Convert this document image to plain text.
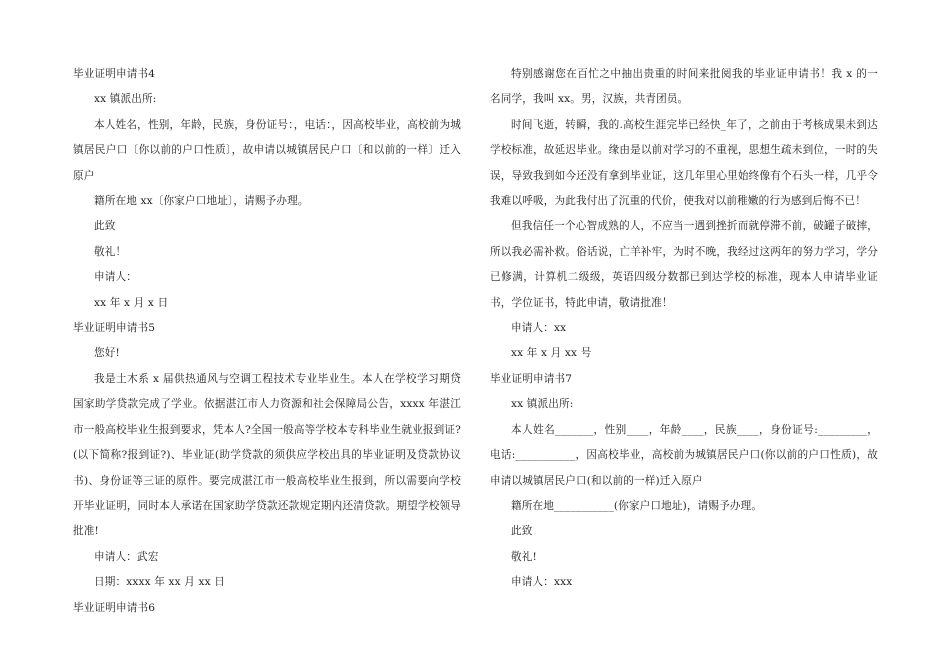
毕业证明申请书4

xx 镇派出所:

本人姓名，性别，年龄，民族，身份证号：，电话：，因高校毕业，高校前为城镇居民户口〔你以前的户口性质〕，故申请以城镇居民户口〔和以前的一样〕迁入原户

籍所在地 xx〔你家户口地址〕，请赐予办理。

此致

敬礼！

申请人：

xx 年 x 月 x 日

毕业证明申请书5

您好!

我是土木系 x 届供热通风与空调工程技术专业毕业生。本人在学校学习期贷国家助学贷款完成了学业。依据湛江市人力资源和社会保障局公告，xxxx 年湛江市一般高校毕业生报到要求，凭本人?全国一般高等学校本专科毕业生就业报到证?(以下简称?报到证?)、毕业证(助学贷款的须供应学校出具的毕业证明及贷款协议书)、身份证等三证的原件。要完成湛江市一般高校毕业生报到，所以需要向学校开毕业证明，同时本人承诺在国家助学贷款还款规定期内还清贷款。期望学校领导批准!

申请人：武宏

日期：xxxx 年 xx 月 xx 日

毕业证明申请书6

特别感谢您在百忙之中抽出贵重的时间来批阅我的毕业证申请书！我 x 的一名同学，我叫 xx。男，汉族，共青团员。

时间飞逝，转瞬，我的.高校生涯完毕已经快_年了，之前由于考核成果未到达学校标准，故延迟毕业。缘由是以前对学习的不重视，思想生疏未到位，一时的失误，导致我到如今还没有拿到毕业证，这几年里心里始终像有个石头一样，几乎令我难以呼吸，为此我付出了沉重的代价，使我对以前稚嫩的行为感到后悔不已！

但我信任一个心智成熟的人，不应当一遇到挫折而就停滞不前，破罐子破摔，所以我必需补救。俗话说，亡羊补牢，为时不晚，我经过这两年的努力学习，学分已修满，计算机二级级，英语四级分数都已到达学校的标准，现本人申请毕业证书，学位证书，特此申请，敬请批准！

申请人：xx

xx 年 x 月 xx 号

毕业证明申请书7

xx 镇派出所:

本人姓名_______，性别____，年龄____，民族____，身份证号:_________，电话:___________，因高校毕业，高校前为城镇居民户口(你以前的户口性质)，故申请以城镇居民户口(和以前的一样)迁入原户

籍所在地___________(你家户口地址)，请赐予办理。

此致

敬礼!

申请人：xxx
